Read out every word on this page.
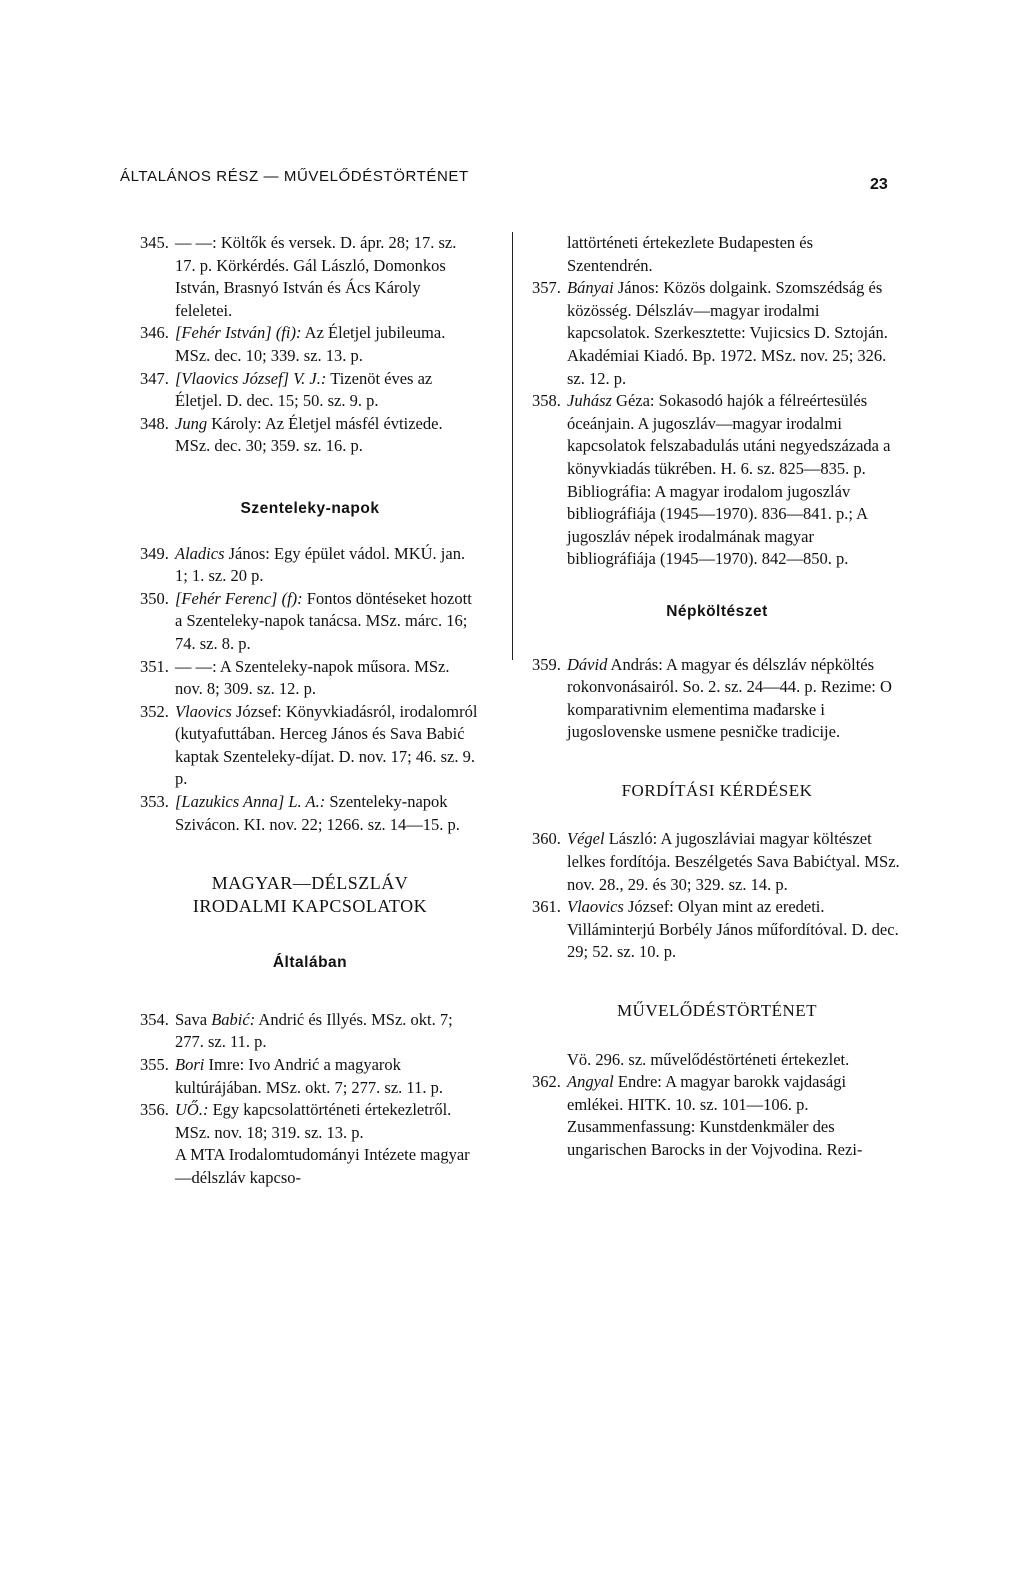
ÁLTALÁNOS RÉSZ — MŰVELŐDÉSTÖRTÉNET	23

345. — —: Költők és versek. D. ápr. 28; 17. sz. 17. p. Körkérdés. Gál László, Domonkos István, Brasnyó István és Ács Károly feleletei.

346. [Fehér István] (fi): Az Életjel jubileuma. MSz. dec. 10; 339. sz. 13. p.

347. [Vlaovics József] V. J.: Tizenöt éves az Életjel. D. dec. 15; 50. sz. 9. p.

348. Jung Károly: Az Életjel másfél évtizede. MSz. dec. 30; 359. sz. 16. p.

Szenteleky-napok

349. Aladics János: Egy épület vádol. MKÚ. jan. 1; 1. sz. 20 p.

350. [Fehér Ferenc] (f): Fontos döntéseket hozott a Szenteleky-napok tanácsa. MSz. márc. 16; 74. sz. 8. p.

351. — —: A Szenteleky-napok műsora. MSz. nov. 8; 309. sz. 12. p.

352. Vlaovics József: Könyvkiadásról, irodalomról (kutyafuttában. Herceg János és Sava Babić kaptak Szenteleky-díjat. D. nov. 17; 46. sz. 9. p.

353. [Lazukics Anna] L. A.: Szenteleky-napok Szivácon. KI. nov. 22; 1266. sz. 14—15. p.

MAGYAR—DÉLSZLÁV
IRODALMI KAPCSOLATOK
Általában

354. Sava Babić: Andrić és Illyés. MSz. okt. 7; 277. sz. 11. p.

355. Bori Imre: Ivo Andrić a magyarok kultúrájában. MSz. okt. 7; 277. sz. 11. p.

356. UŐ.: Egy kapcsolattörténeti értekezletről. MSz. nov. 18; 319. sz. 13. p.

A MTA Irodalomtudományi Intézete magyar—délszláv kapcso-

lattörténeti értekezlete Budapesten és Szentendrén.

357. Bányai János: Közös dolgaink. Szomszédság és közösség. Délszláv—magyar irodalmi kapcsolatok. Szerkesztette: Vujicsics D. Sztoján. Akadémiai Kiadó. Bp. 1972. MSz. nov. 25; 326. sz. 12. p.

358. Juhász Géza: Sokasodó hajók a félreértesülés óceánjain. A jugoszláv—magyar irodalmi kapcsolatok felszabadulás utáni negyedszázada a könyvkiadás tükrében. H. 6. sz. 825—835. p. Bibliográfia: A magyar irodalom jugoszláv bibliográfiája (1945—1970). 836—841. p.; A jugoszláv népek irodalmának magyar bibliográfiája (1945—1970). 842—850. p.

Népköltészet

359. Dávid András: A magyar és délszláv népköltés rokonvonásairól. So. 2. sz. 24—44. p. Rezime: O komparativnim elementima mađarske i jugoslovenske usmene pesničke tradicije.

FORDÍTÁSI KÉRDÉSEK

360. Végel László: A jugoszláviai magyar költészet lelkes fordítója. Beszélgetés Sava Babićtyal. MSz. nov. 28., 29. és 30; 329. sz. 14. p.

361. Vlaovics József: Olyan mint az eredeti. Villáminterjú Borbély János műfordítóval. D. dec. 29; 52. sz. 10. p.

MŰVELŐDÉSTÖRTÉNET

Vö. 296. sz. művelődéstörténeti értekezlet.

362. Angyal Endre: A magyar barokk vajdasági emlékei. HITK. 10. sz. 101—106. p. Zusammenfassung: Kunstdenkmäler des ungarischen Barocks in der Vojvodina. Rezi-
